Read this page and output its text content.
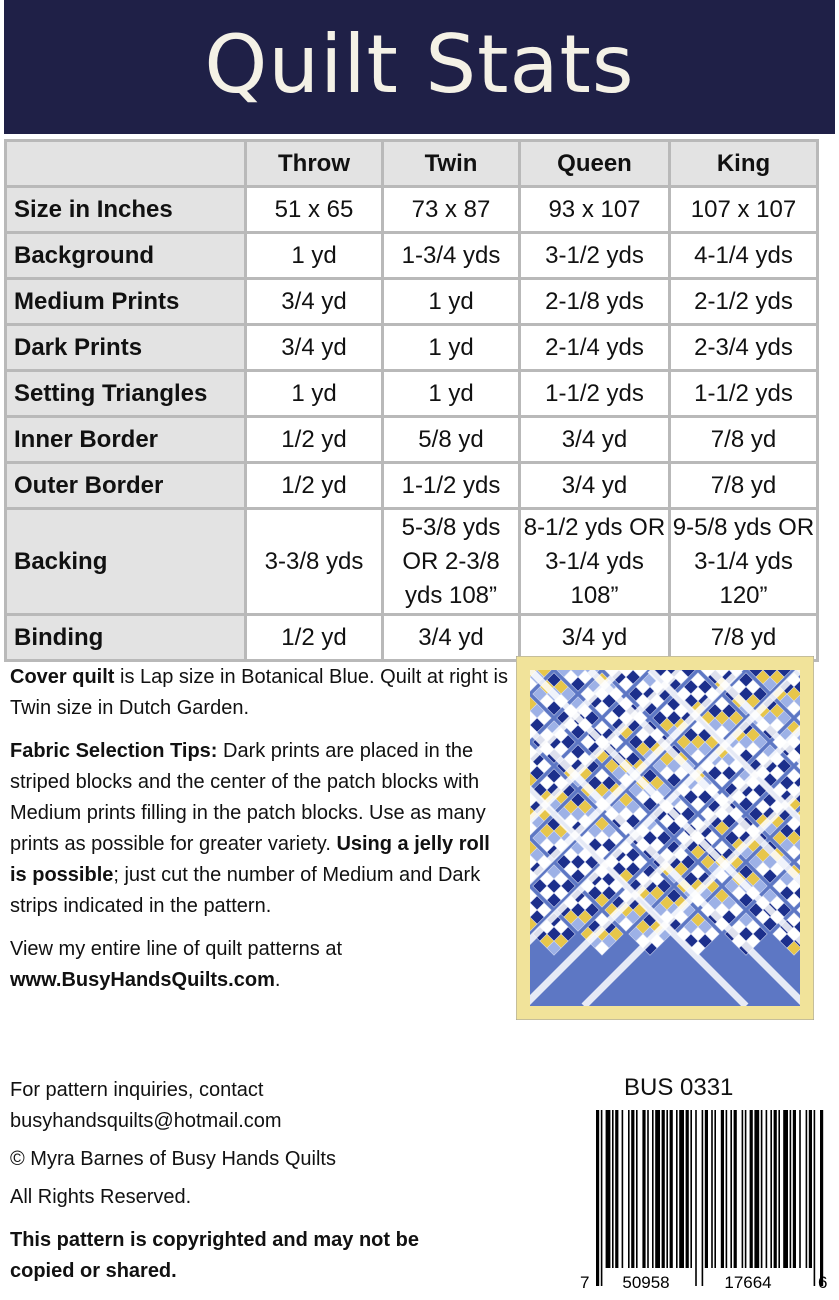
Quilt Stats
	Throw	Twin	Queen	King
Size in Inches	51 x 65	73 x 87	93 x 107	107 x 107
Background	1 yd	1-3/4 yds	3-1/2 yds	4-1/4 yds
Medium Prints	3/4 yd	1 yd	2-1/8 yds	2-1/2 yds
Dark Prints	3/4 yd	1 yd	2-1/4 yds	2-3/4 yds
Setting Triangles	1 yd	1 yd	1-1/2 yds	1-1/2 yds
Inner Border	1/2 yd	5/8 yd	3/4 yd	7/8 yd
Outer Border	1/2 yd	1-1/2 yds	3/4 yd	7/8 yd
Backing	3-3/8 yds	5-3/8 yds OR 2-3/8 yds 108”	8-1/2 yds OR 3-1/4 yds 108”	9-5/8 yds OR 3-1/4 yds 120”
Binding	1/2 yd	3/4 yd	3/4 yd	7/8 yd

Cover quilt is Lap size in Botanical Blue. Quilt at right is Twin size in Dutch Garden.

Fabric Selection Tips: Dark prints are placed in the striped blocks and the center of the patch blocks with Medium prints filling in the patch blocks. Use as many prints as possible for greater variety. Using a jelly roll is possible; just cut the number of Medium and Dark strips indicated in the pattern.

View my entire line of quilt patterns at
www.BusyHandsQuilts.com.

For pattern inquiries, contact busyhandsquilts@hotmail.com

© Myra Barnes of Busy Hands Quilts

All Rights Reserved.

This pattern is copyrighted and may not be copied or shared.

BUS 0331
7 50958	17664	6
